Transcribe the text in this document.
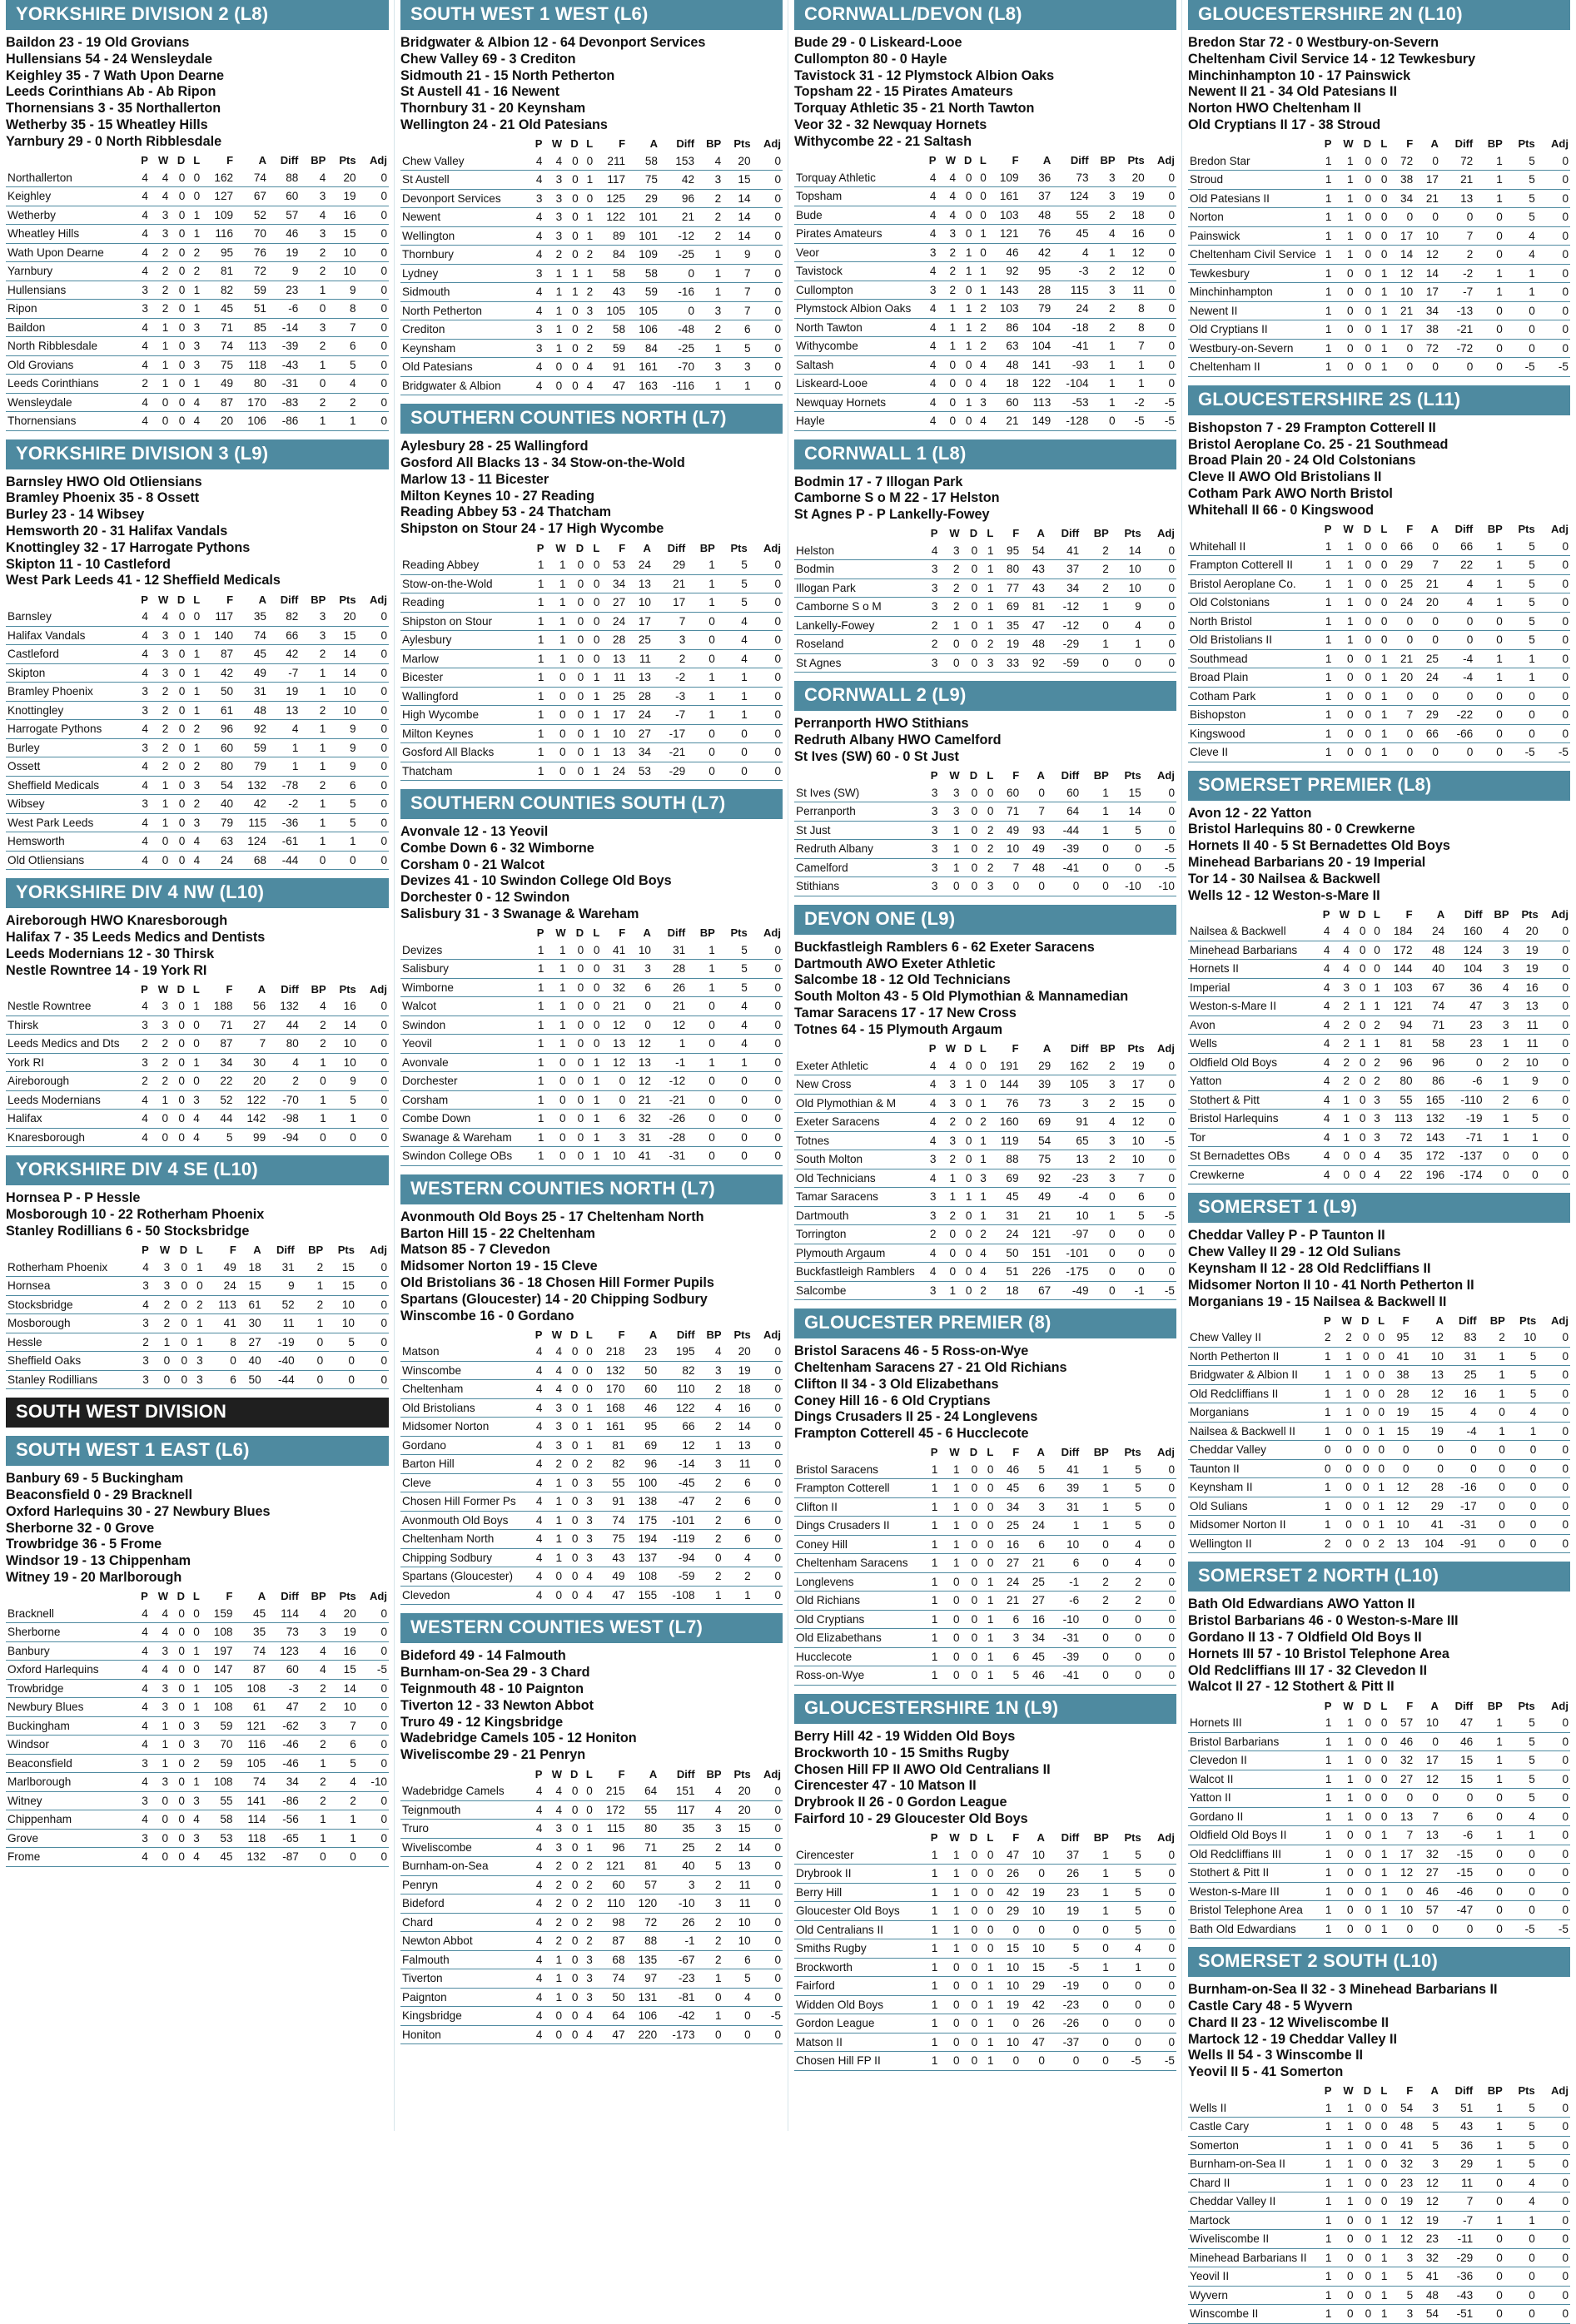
YORKSHIRE DIVISION 2 (L8)
Baildon 23 - 19 Old Grovians
Hullensians 54 - 24 Wensleydale
Keighley 35 - 7 Wath Upon Dearne
Leeds Corinthians Ab - Ab Ripon
Thornensians 3 - 35 Northallerton
Wetherby 35 - 15 Wheatley Hills
Yarnbury 29 - 0 North Ribblesdale
	P	W	D	L	F	A	Diff	BP	Pts	Adj
Northallerton	4	4	0	0	162	74	88	4	20	0
Keighley	4	4	0	0	127	67	60	3	19	0
Wetherby	4	3	0	1	109	52	57	4	16	0
Wheatley Hills	4	3	0	1	116	70	46	3	15	0
Wath Upon Dearne	4	2	0	2	95	76	19	2	10	0
Yarnbury	4	2	0	2	81	72	9	2	10	0
Hullensians	3	2	0	1	82	59	23	1	9	0
Ripon	3	2	0	1	45	51	-6	0	8	0
Baildon	4	1	0	3	71	85	-14	3	7	0
North Ribblesdale	4	1	0	3	74	113	-39	2	6	0
Old Grovians	4	1	0	3	75	118	-43	1	5	0
Leeds Corinthians	2	1	0	1	49	80	-31	0	4	0
Wensleydale	4	0	0	4	87	170	-83	2	2	0
Thornensians	4	0	0	4	20	106	-86	1	1	0
YORKSHIRE DIVISION 3 (L9)
Barnsley HWO Old Otliensians
Bramley Phoenix 35 - 8 Ossett
Burley 23 - 14 Wibsey
Hemsworth 20 - 31 Halifax Vandals
Knottingley 32 - 17 Harrogate Pythons
Skipton 11 - 10 Castleford
West Park Leeds 41 - 12 Sheffield Medicals
	P	W	D	L	F	A	Diff	BP	Pts	Adj
Barnsley	4	4	0	0	117	35	82	3	20	0
Halifax Vandals	4	3	0	1	140	74	66	3	15	0
Castleford	4	3	0	1	87	45	42	2	14	0
Skipton	4	3	0	1	42	49	-7	1	14	0
Bramley Phoenix	3	2	0	1	50	31	19	1	10	0
Knottingley	3	2	0	1	61	48	13	2	10	0
Harrogate Pythons	4	2	0	2	96	92	4	1	9	0
Burley	3	2	0	1	60	59	1	1	9	0
Ossett	4	2	0	2	80	79	1	1	9	0
Sheffield Medicals	4	1	0	3	54	132	-78	2	6	0
Wibsey	3	1	0	2	40	42	-2	1	5	0
West Park Leeds	4	1	0	3	79	115	-36	1	5	0
Hemsworth	4	0	0	4	63	124	-61	1	1	0
Old Otliensians	4	0	0	4	24	68	-44	0	0	0
YORKSHIRE DIV 4 NW (L10)
Aireborough HWO Knaresborough
Halifax 7 - 35 Leeds Medics and Dentists
Leeds Modernians 12 - 30 Thirsk
Nestle Rowntree 14 - 19 York RI
	P	W	D	L	F	A	Diff	BP	Pts	Adj
Nestle Rowntree	4	3	0	1	188	56	132	4	16	0
Thirsk	3	3	0	0	71	27	44	2	14	0
Leeds Medics and Dts	2	2	0	0	87	7	80	2	10	0
York RI	3	2	0	1	34	30	4	1	10	0
Aireborough	2	2	0	0	22	20	2	0	9	0
Leeds Modernians	4	1	0	3	52	122	-70	1	5	0
Halifax	4	0	0	4	44	142	-98	1	1	0
Knaresborough	4	0	0	4	5	99	-94	0	0	0
YORKSHIRE DIV 4 SE (L10)
Hornsea P - P Hessle
Mosborough 10 - 22 Rotherham Phoenix
Stanley Rodillians 6 - 50 Stocksbridge
	P	W	D	L	F	A	Diff	BP	Pts	Adj
Rotherham Phoenix	4	3	0	1	49	18	31	2	15	0
Hornsea	3	3	0	0	24	15	9	1	15	0
Stocksbridge	4	2	0	2	113	61	52	2	10	0
Mosborough	3	2	0	1	41	30	11	1	10	0
Hessle	2	1	0	1	8	27	-19	0	5	0
Sheffield Oaks	3	0	0	3	0	40	-40	0	0	0
Stanley Rodillians	3	0	0	3	6	50	-44	0	0	0
SOUTH WEST DIVISION
SOUTH WEST 1 EAST (L6)
Banbury 69 - 5 Buckingham
Beaconsfield 0 - 29 Bracknell
Oxford Harlequins 30 - 27 Newbury Blues
Sherborne 32 - 0 Grove
Trowbridge 36 - 5 Frome
Windsor 19 - 13 Chippenham
Witney 19 - 20 Marlborough
	P	W	D	L	F	A	Diff	BP	Pts	Adj
Bracknell	4	4	0	0	159	45	114	4	20	0
Sherborne	4	4	0	0	108	35	73	3	19	0
Banbury	4	3	0	1	197	74	123	4	16	0
Oxford Harlequins	4	4	0	0	147	87	60	4	15	-5
Trowbridge	4	3	0	1	105	108	-3	2	14	0
Newbury Blues	4	3	0	1	108	61	47	2	10	0
Buckingham	4	1	0	3	59	121	-62	3	7	0
Windsor	4	1	0	3	70	116	-46	2	6	0
Beaconsfield	3	1	0	2	59	105	-46	1	5	0
Marlborough	4	3	0	1	108	74	34	2	4	-10
Witney	3	0	0	3	55	141	-86	2	2	0
Chippenham	4	0	0	4	58	114	-56	1	1	0
Grove	3	0	0	3	53	118	-65	1	1	0
Frome	4	0	0	4	45	132	-87	0	0	0
SOUTH WEST 1 WEST (L6)
Bridgwater & Albion 12 - 64 Devonport Services
Chew Valley 69 - 3 Crediton
Sidmouth 21 - 15 North Petherton
St Austell 41 - 16 Newent
Thornbury 31 - 20 Keynsham
Wellington 24 - 21 Old Patesians
	P	W	D	L	F	A	Diff	BP	Pts	Adj
Chew Valley	4	4	0	0	211	58	153	4	20	0
St Austell	4	3	0	1	117	75	42	3	15	0
Devonport Services	3	3	0	0	125	29	96	2	14	0
Newent	4	3	0	1	122	101	21	2	14	0
Wellington	4	3	0	1	89	101	-12	2	14	0
Thornbury	4	2	0	2	84	109	-25	1	9	0
Lydney	3	1	1	1	58	58	0	1	7	0
Sidmouth	4	1	1	2	43	59	-16	1	7	0
North Petherton	4	1	0	3	105	105	0	3	7	0
Crediton	3	1	0	2	58	106	-48	2	6	0
Keynsham	3	1	0	2	59	84	-25	1	5	0
Old Patesians	4	0	0	4	91	161	-70	3	3	0
Bridgwater & Albion	4	0	0	4	47	163	-116	1	1	0
SOUTHERN COUNTIES NORTH (L7)
Aylesbury 28 - 25 Wallingford
Gosford All Blacks 13 - 34 Stow-on-the-Wold
Marlow 13 - 11 Bicester
Milton Keynes 10 - 27 Reading
Reading Abbey 53 - 24 Thatcham
Shipston on Stour 24 - 17 High Wycombe
	P	W	D	L	F	A	Diff	BP	Pts	Adj
Reading Abbey	1	1	0	0	53	24	29	1	5	0
Stow-on-the-Wold	1	1	0	0	34	13	21	1	5	0
Reading	1	1	0	0	27	10	17	1	5	0
Shipston on Stour	1	1	0	0	24	17	7	0	4	0
Aylesbury	1	1	0	0	28	25	3	0	4	0
Marlow	1	1	0	0	13	11	2	0	4	0
Bicester	1	0	0	1	11	13	-2	1	1	0
Wallingford	1	0	0	1	25	28	-3	1	1	0
High Wycombe	1	0	0	1	17	24	-7	1	1	0
Milton Keynes	1	0	0	1	10	27	-17	0	0	0
Gosford All Blacks	1	0	0	1	13	34	-21	0	0	0
Thatcham	1	0	0	1	24	53	-29	0	0	0
SOUTHERN COUNTIES SOUTH (L7)
Avonvale 12 - 13 Yeovil
Combe Down 6 - 32 Wimborne
Corsham 0 - 21 Walcot
Devizes 41 - 10 Swindon College Old Boys
Dorchester 0 - 12 Swindon
Salisbury 31 - 3 Swanage & Wareham
	P	W	D	L	F	A	Diff	BP	Pts	Adj
Devizes	1	1	0	0	41	10	31	1	5	0
Salisbury	1	1	0	0	31	3	28	1	5	0
Wimborne	1	1	0	0	32	6	26	1	5	0
Walcot	1	1	0	0	21	0	21	0	4	0
Swindon	1	1	0	0	12	0	12	0	4	0
Yeovil	1	1	0	0	13	12	1	0	4	0
Avonvale	1	0	0	1	12	13	-1	1	1	0
Dorchester	1	0	0	1	0	12	-12	0	0	0
Corsham	1	0	0	1	0	21	-21	0	0	0
Combe Down	1	0	0	1	6	32	-26	0	0	0
Swanage & Wareham	1	0	0	1	3	31	-28	0	0	0
Swindon College OBs	1	0	0	1	10	41	-31	0	0	0
WESTERN COUNTIES NORTH (L7)
Avonmouth Old Boys 25 - 17 Cheltenham North
Barton Hill 15 - 22 Cheltenham
Matson 85 - 7 Clevedon
Midsomer Norton 19 - 15 Cleve
Old Bristolians 36 - 18 Chosen Hill Former Pupils
Spartans (Gloucester) 14 - 20 Chipping Sodbury
Winscombe 16 - 0 Gordano
	P	W	D	L	F	A	Diff	BP	Pts	Adj
Matson	4	4	0	0	218	23	195	4	20	0
Winscombe	4	4	0	0	132	50	82	3	19	0
Cheltenham	4	4	0	0	170	60	110	2	18	0
Old Bristolians	4	3	0	1	168	46	122	4	16	0
Midsomer Norton	4	3	0	1	161	95	66	2	14	0
Gordano	4	3	0	1	81	69	12	1	13	0
Barton Hill	4	2	0	2	82	96	-14	3	11	0
Cleve	4	1	0	3	55	100	-45	2	6	0
Chosen Hill Former Ps	4	1	0	3	91	138	-47	2	6	0
Avonmouth Old Boys	4	1	0	3	74	175	-101	2	6	0
Cheltenham North	4	1	0	3	75	194	-119	2	6	0
Chipping Sodbury	4	1	0	3	43	137	-94	0	4	0
Spartans (Gloucester)	4	0	0	4	49	108	-59	2	2	0
Clevedon	4	0	0	4	47	155	-108	1	1	0
WESTERN COUNTIES WEST (L7)
Bideford 49 - 14 Falmouth
Burnham-on-Sea 29 - 3 Chard
Teignmouth 48 - 10 Paignton
Tiverton 12 - 33 Newton Abbot
Truro 49 - 12 Kingsbridge
Wadebridge Camels 105 - 12 Honiton
Wiveliscombe 29 - 21 Penryn
	P	W	D	L	F	A	Diff	BP	Pts	Adj
Wadebridge Camels	4	4	0	0	215	64	151	4	20	0
Teignmouth	4	4	0	0	172	55	117	4	20	0
Truro	4	3	0	1	115	80	35	3	15	0
Wiveliscombe	4	3	0	1	96	71	25	2	14	0
Burnham-on-Sea	4	2	0	2	121	81	40	5	13	0
Penryn	4	2	0	2	60	57	3	2	11	0
Bideford	4	2	0	2	110	120	-10	3	11	0
Chard	4	2	0	2	98	72	26	2	10	0
Newton Abbot	4	2	0	2	87	88	-1	2	10	0
Falmouth	4	1	0	3	68	135	-67	2	6	0
Tiverton	4	1	0	3	74	97	-23	1	5	0
Paignton	4	1	0	3	50	131	-81	0	4	0
Kingsbridge	4	0	0	4	64	106	-42	1	0	-5
Honiton	4	0	0	4	47	220	-173	0	0	0
CORNWALL/DEVON (L8)
Bude 29 - 0 Liskeard-Looe
Cullompton 80 - 0 Hayle
Tavistock 31 - 12 Plymstock Albion Oaks
Topsham 22 - 15 Pirates Amateurs
Torquay Athletic 35 - 21 North Tawton
Veor 32 - 32 Newquay Hornets
Withycombe 22 - 21 Saltash
	P	W	D	L	F	A	Diff	BP	Pts	Adj
Torquay Athletic	4	4	0	0	109	36	73	3	20	0
Topsham	4	4	0	0	161	37	124	3	19	0
Bude	4	4	0	0	103	48	55	2	18	0
Pirates Amateurs	4	3	0	1	121	76	45	4	16	0
Veor	3	2	1	0	46	42	4	1	12	0
Tavistock	4	2	1	1	92	95	-3	2	12	0
Cullompton	3	2	0	1	143	28	115	3	11	0
Plymstock Albion Oaks	4	1	1	2	103	79	24	2	8	0
North Tawton	4	1	1	2	86	104	-18	2	8	0
Withycombe	4	1	1	2	63	104	-41	1	7	0
Saltash	4	0	0	4	48	141	-93	1	1	0
Liskeard-Looe	4	0	0	4	18	122	-104	1	1	0
Newquay Hornets	4	0	1	3	60	113	-53	1	-2	-5
Hayle	4	0	0	4	21	149	-128	0	-5	-5
CORNWALL 1 (L8)
Bodmin 17 - 7 Illogan Park
Camborne S o M 22 - 17 Helston
St Agnes P - P Lankelly-Fowey
	P	W	D	L	F	A	Diff	BP	Pts	Adj
Helston	4	3	0	1	95	54	41	2	14	0
Bodmin	3	2	0	1	80	43	37	2	10	0
Illogan Park	3	2	0	1	77	43	34	2	10	0
Camborne S o M	3	2	0	1	69	81	-12	1	9	0
Lankelly-Fowey	2	1	0	1	35	47	-12	0	4	0
Roseland	2	0	0	2	19	48	-29	1	1	0
St Agnes	3	0	0	3	33	92	-59	0	0	0
CORNWALL 2 (L9)
Perranporth HWO Stithians
Redruth Albany HWO Camelford
St Ives (SW) 60 - 0 St Just
	P	W	D	L	F	A	Diff	BP	Pts	Adj
St Ives (SW)	3	3	0	0	60	0	60	1	15	0
Perranporth	3	3	0	0	71	7	64	1	14	0
St Just	3	1	0	2	49	93	-44	1	5	0
Redruth Albany	3	1	0	2	10	49	-39	0	0	-5
Camelford	3	1	0	2	7	48	-41	0	0	-5
Stithians	3	0	0	3	0	0	0	0	-10	-10
DEVON ONE (L9)
Buckfastleigh Ramblers 6 - 62 Exeter Saracens
Dartmouth AWO Exeter Athletic
Salcombe 18 - 12 Old Technicians
South Molton 43 - 5 Old Plymothian & Mannamedian
Tamar Saracens 17 - 17 New Cross
Totnes 64 - 15 Plymouth Argaum
	P	W	D	L	F	A	Diff	BP	Pts	Adj
Exeter Athletic	4	4	0	0	191	29	162	2	19	0
New Cross	4	3	1	0	144	39	105	3	17	0
Old Plymothian & M	4	3	0	1	76	73	3	2	15	0
Exeter Saracens	4	2	0	2	160	69	91	4	12	0
Totnes	4	3	0	1	119	54	65	3	10	-5
South Molton	3	2	0	1	88	75	13	2	10	0
Old Technicians	4	1	0	3	69	92	-23	3	7	0
Tamar Saracens	3	1	1	1	45	49	-4	0	6	0
Dartmouth	3	2	0	1	31	21	10	1	5	-5
Torrington	2	0	0	2	24	121	-97	0	0	0
Plymouth Argaum	4	0	0	4	50	151	-101	0	0	0
Buckfastleigh Ramblers	4	0	0	4	51	226	-175	0	0	0
Salcombe	3	1	0	2	18	67	-49	0	-1	-5
GLOUCESTER PREMIER (8)
Bristol Saracens 46 - 5 Ross-on-Wye
Cheltenham Saracens 27 - 21 Old Richians
Clifton II 34 - 3 Old Elizabethans
Coney Hill 16 - 6 Old Cryptians
Dings Crusaders II 25 - 24 Longlevens
Frampton Cotterell 45 - 6 Hucclecote
	P	W	D	L	F	A	Diff	BP	Pts	Adj
Bristol Saracens	1	1	0	0	46	5	41	1	5	0
Frampton Cotterell	1	1	0	0	45	6	39	1	5	0
Clifton II	1	1	0	0	34	3	31	1	5	0
Dings Crusaders II	1	1	0	0	25	24	1	1	5	0
Coney Hill	1	1	0	0	16	6	10	0	4	0
Cheltenham Saracens	1	1	0	0	27	21	6	0	4	0
Longlevens	1	0	0	1	24	25	-1	2	2	0
Old Richians	1	0	0	1	21	27	-6	2	2	0
Old Cryptians	1	0	0	1	6	16	-10	0	0	0
Old Elizabethans	1	0	0	1	3	34	-31	0	0	0
Hucclecote	1	0	0	1	6	45	-39	0	0	0
Ross-on-Wye	1	0	0	1	5	46	-41	0	0	0
GLOUCESTERSHIRE 1N (L9)
Berry Hill 42 - 19 Widden Old Boys
Brockworth 10 - 15 Smiths Rugby
Chosen Hill FP II AWO Old Centralians II
Cirencester 47 - 10 Matson II
Drybrook II 26 - 0 Gordon League
Fairford 10 - 29 Gloucester Old Boys
	P	W	D	L	F	A	Diff	BP	Pts	Adj
Cirencester	1	1	0	0	47	10	37	1	5	0
Drybrook II	1	1	0	0	26	0	26	1	5	0
Berry Hill	1	1	0	0	42	19	23	1	5	0
Gloucester Old Boys	1	1	0	0	29	10	19	1	5	0
Old Centralians II	1	1	0	0	0	0	0	0	5	0
Smiths Rugby	1	1	0	0	15	10	5	0	4	0
Brockworth	1	0	0	1	10	15	-5	1	1	0
Fairford	1	0	0	1	10	29	-19	0	0	0
Widden Old Boys	1	0	0	1	19	42	-23	0	0	0
Gordon League	1	0	0	1	0	26	-26	0	0	0
Matson II	1	0	0	1	10	47	-37	0	0	0
Chosen Hill FP II	1	0	0	1	0	0	0	0	-5	-5
GLOUCESTERSHIRE 2N (L10)
Bredon Star 72 - 0 Westbury-on-Severn
Cheltenham Civil Service 14 - 12 Tewkesbury
Minchinhampton 10 - 17 Painswick
Newent II 21 - 34 Old Patesians II
Norton HWO Cheltenham II
Old Cryptians II 17 - 38 Stroud
	P	W	D	L	F	A	Diff	BP	Pts	Adj
Bredon Star	1	1	0	0	72	0	72	1	5	0
Stroud	1	1	0	0	38	17	21	1	5	0
Old Patesians II	1	1	0	0	34	21	13	1	5	0
Norton	1	1	0	0	0	0	0	0	5	0
Painswick	1	1	0	0	17	10	7	0	4	0
Cheltenham Civil Service	1	1	0	0	14	12	2	0	4	0
Tewkesbury	1	0	0	1	12	14	-2	1	1	0
Minchinhampton	1	0	0	1	10	17	-7	1	1	0
Newent II	1	0	0	1	21	34	-13	0	0	0
Old Cryptians II	1	0	0	1	17	38	-21	0	0	0
Westbury-on-Severn	1	0	0	1	0	72	-72	0	0	0
Cheltenham II	1	0	0	1	0	0	0	0	-5	-5
GLOUCESTERSHIRE 2S (L11)
Bishopston 7 - 29 Frampton Cotterell II
Bristol Aeroplane Co. 25 - 21 Southmead
Broad Plain 20 - 24 Old Colstonians
Cleve II AWO Old Bristolians II
Cotham Park AWO North Bristol
Whitehall II 66 - 0 Kingswood
	P	W	D	L	F	A	Diff	BP	Pts	Adj
Whitehall II	1	1	0	0	66	0	66	1	5	0
Frampton Cotterell II	1	1	0	0	29	7	22	1	5	0
Bristol Aeroplane Co.	1	1	0	0	25	21	4	1	5	0
Old Colstonians	1	1	0	0	24	20	4	1	5	0
North Bristol	1	1	0	0	0	0	0	0	5	0
Old Bristolians II	1	1	0	0	0	0	0	0	5	0
Southmead	1	0	0	1	21	25	-4	1	1	0
Broad Plain	1	0	0	1	20	24	-4	1	1	0
Cotham Park	1	0	0	1	0	0	0	0	0	0
Bishopston	1	0	0	1	7	29	-22	0	0	0
Kingswood	1	0	0	1	0	66	-66	0	0	0
Cleve II	1	0	0	1	0	0	0	0	-5	-5
SOMERSET PREMIER (L8)
Avon 12 - 22 Yatton
Bristol Harlequins 80 - 0 Crewkerne
Hornets II 40 - 5 St Bernadettes Old Boys
Minehead Barbarians 20 - 19 Imperial
Tor 14 - 30 Nailsea & Backwell
Wells 12 - 12 Weston-s-Mare II
	P	W	D	L	F	A	Diff	BP	Pts	Adj
Nailsea & Backwell	4	4	0	0	184	24	160	4	20	0
Minehead Barbarians	4	4	0	0	172	48	124	3	19	0
Hornets II	4	4	0	0	144	40	104	3	19	0
Imperial	4	3	0	1	103	67	36	4	16	0
Weston-s-Mare II	4	2	1	1	121	74	47	3	13	0
Avon	4	2	0	2	94	71	23	3	11	0
Wells	4	2	1	1	81	58	23	1	11	0
Oldfield Old Boys	4	2	0	2	96	96	0	2	10	0
Yatton	4	2	0	2	80	86	-6	1	9	0
Stothert & Pitt	4	1	0	3	55	165	-110	2	6	0
Bristol Harlequins	4	1	0	3	113	132	-19	1	5	0
Tor	4	1	0	3	72	143	-71	1	1	0
St Bernadettes OBs	4	0	0	4	35	172	-137	0	0	0
Crewkerne	4	0	0	4	22	196	-174	0	0	0
SOMERSET 1 (L9)
Cheddar Valley P - P Taunton II
Chew Valley II 29 - 12 Old Sulians
Keynsham II 12 - 28 Old Redcliffians II
Midsomer Norton II 10 - 41 North Petherton II
Morganians 19 - 15 Nailsea & Backwell II
	P	W	D	L	F	A	Diff	BP	Pts	Adj
Chew Valley II	2	2	0	0	95	12	83	2	10	0
North Petherton II	1	1	0	0	41	10	31	1	5	0
Bridgwater & Albion II	1	1	0	0	38	13	25	1	5	0
Old Redcliffians II	1	1	0	0	28	12	16	1	5	0
Morganians	1	1	0	0	19	15	4	0	4	0
Nailsea & Backwell II	1	0	0	1	15	19	-4	1	1	0
Cheddar Valley	0	0	0	0	0	0	0	0	0	0
Taunton II	0	0	0	0	0	0	0	0	0	0
Keynsham II	1	0	0	1	12	28	-16	0	0	0
Old Sulians	1	0	0	1	12	29	-17	0	0	0
Midsomer Norton II	1	0	0	1	10	41	-31	0	0	0
Wellington II	2	0	0	2	13	104	-91	0	0	0
SOMERSET 2 NORTH (L10)
Bath Old Edwardians AWO Yatton II
Bristol Barbarians 46 - 0 Weston-s-Mare III
Gordano II 13 - 7 Oldfield Old Boys II
Hornets III 57 - 10 Bristol Telephone Area
Old Redcliffians III 17 - 32 Clevedon II
Walcot II 27 - 12 Stothert & Pitt II
	P	W	D	L	F	A	Diff	BP	Pts	Adj
Hornets III	1	1	0	0	57	10	47	1	5	0
Bristol Barbarians	1	1	0	0	46	0	46	1	5	0
Clevedon II	1	1	0	0	32	17	15	1	5	0
Walcot II	1	1	0	0	27	12	15	1	5	0
Yatton II	1	1	0	0	0	0	0	0	5	0
Gordano II	1	1	0	0	13	7	6	0	4	0
Oldfield Old Boys II	1	0	0	1	7	13	-6	1	1	0
Old Redcliffians III	1	0	0	1	17	32	-15	0	0	0
Stothert & Pitt II	1	0	0	1	12	27	-15	0	0	0
Weston-s-Mare III	1	0	0	1	0	46	-46	0	0	0
Bristol Telephone Area	1	0	0	1	10	57	-47	0	0	0
Bath Old Edwardians	1	0	0	1	0	0	0	0	-5	-5
SOMERSET 2 SOUTH (L10)
Burnham-on-Sea II 32 - 3 Minehead Barbarians II
Castle Cary 48 - 5 Wyvern
Chard II 23 - 12 Wiveliscombe II
Martock 12 - 19 Cheddar Valley II
Wells II 54 - 3 Winscombe II
Yeovil II 5 - 41 Somerton
	P	W	D	L	F	A	Diff	BP	Pts	Adj
Wells II	1	1	0	0	54	3	51	1	5	0
Castle Cary	1	1	0	0	48	5	43	1	5	0
Somerton	1	1	0	0	41	5	36	1	5	0
Burnham-on-Sea II	1	1	0	0	32	3	29	1	5	0
Chard II	1	1	0	0	23	12	11	0	4	0
Cheddar Valley II	1	1	0	0	19	12	7	0	4	0
Martock	1	0	0	1	12	19	-7	1	1	0
Wiveliscombe II	1	0	0	1	12	23	-11	0	0	0
Minehead Barbarians II	1	0	0	1	3	32	-29	0	0	0
Yeovil II	1	0	0	1	5	41	-36	0	0	0
Wyvern	1	0	0	1	5	48	-43	0	0	0
Winscombe II	1	0	0	1	3	54	-51	0	0	0
